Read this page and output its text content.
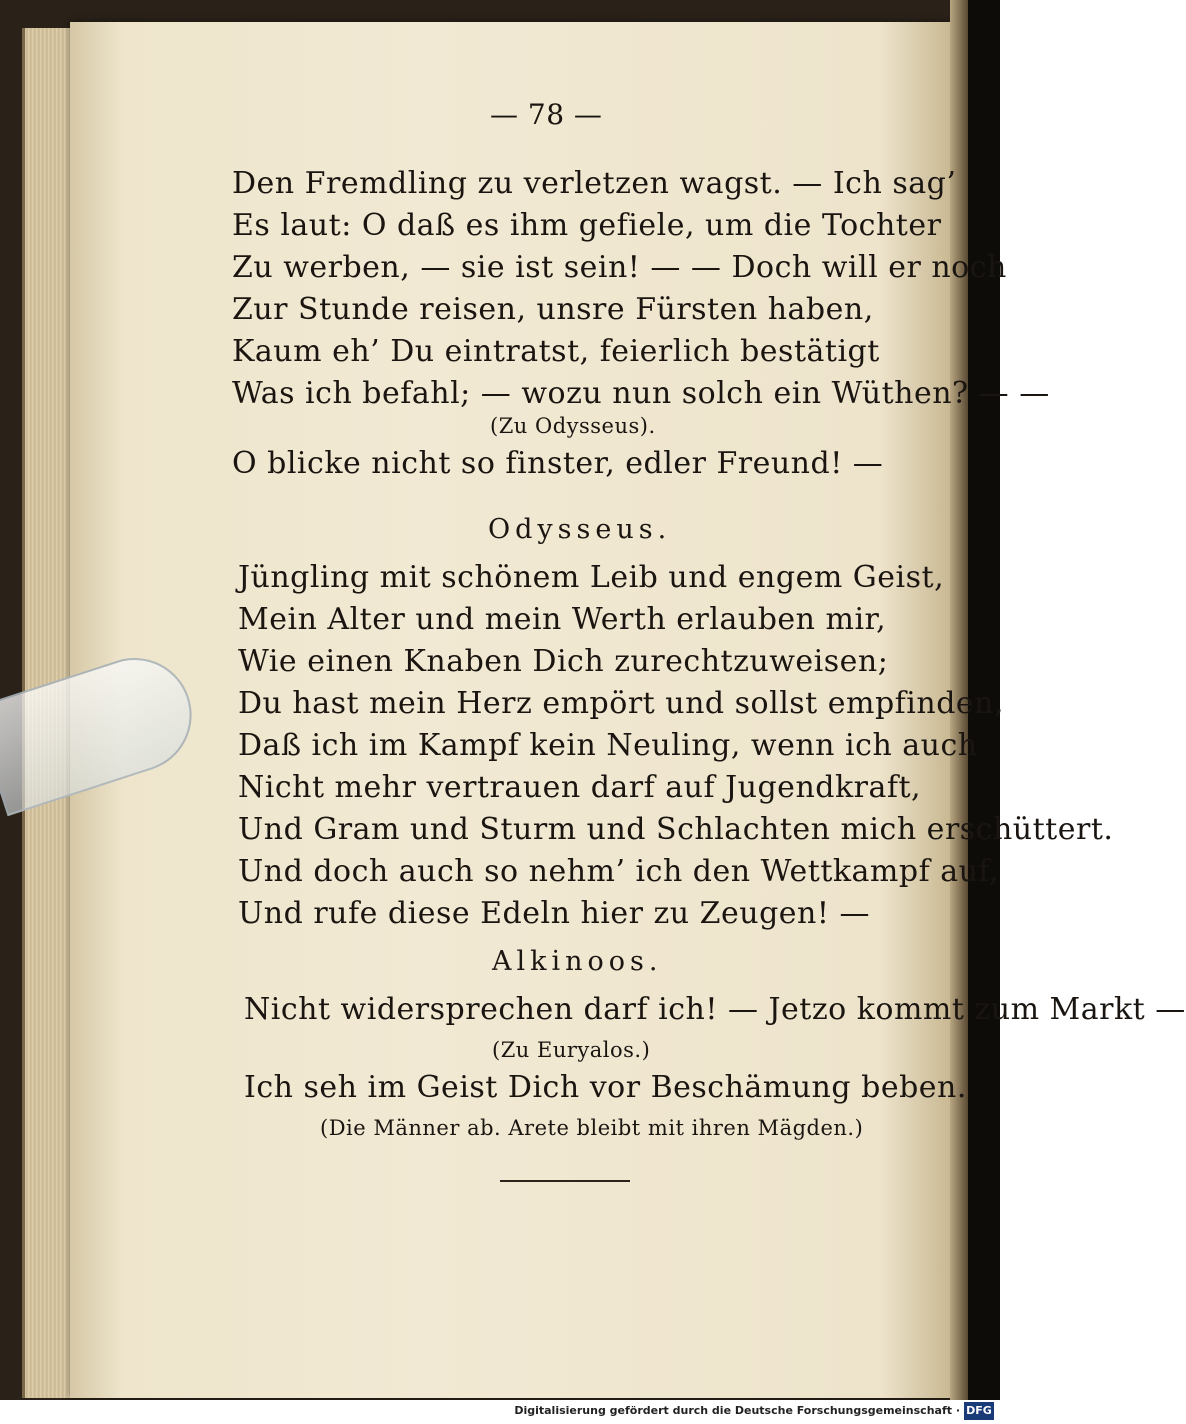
— 78 —
Den Fremdling zu verletzen wagst. — Ich sag’
Es laut: O daß es ihm gefiele, um die Tochter
Zu werben, — sie ist sein! — — Doch will er noch
Zur Stunde reisen, unsre Fürsten haben,
Kaum eh’ Du eintratst, feierlich bestätigt
Was ich befahl; — wozu nun solch ein Wüthen? — —
(Zu Odysseus).
O blicke nicht so finster, edler Freund! —
Odysseus.
Jüngling mit schönem Leib und engem Geist,
Mein Alter und mein Werth erlauben mir,
Wie einen Knaben Dich zurechtzuweisen;
Du hast mein Herz empört und sollst empfinden,
Daß ich im Kampf kein Neuling, wenn ich auch
Nicht mehr vertrauen darf auf Jugendkraft,
Und Gram und Sturm und Schlachten mich erschüttert.
Und doch auch so nehm’ ich den Wettkampf auf,
Und rufe diese Edeln hier zu Zeugen! —
Alkinoos.
Nicht widersprechen darf ich! — Jetzo kommt zum Markt —
(Zu Euryalos.)
Ich seh im Geist Dich vor Beschämung beben.
(Die Männer ab. Arete bleibt mit ihren Mägden.)
Digitalisierung gefördert durch die Deutsche Forschungsgemeinschaft · DFG
